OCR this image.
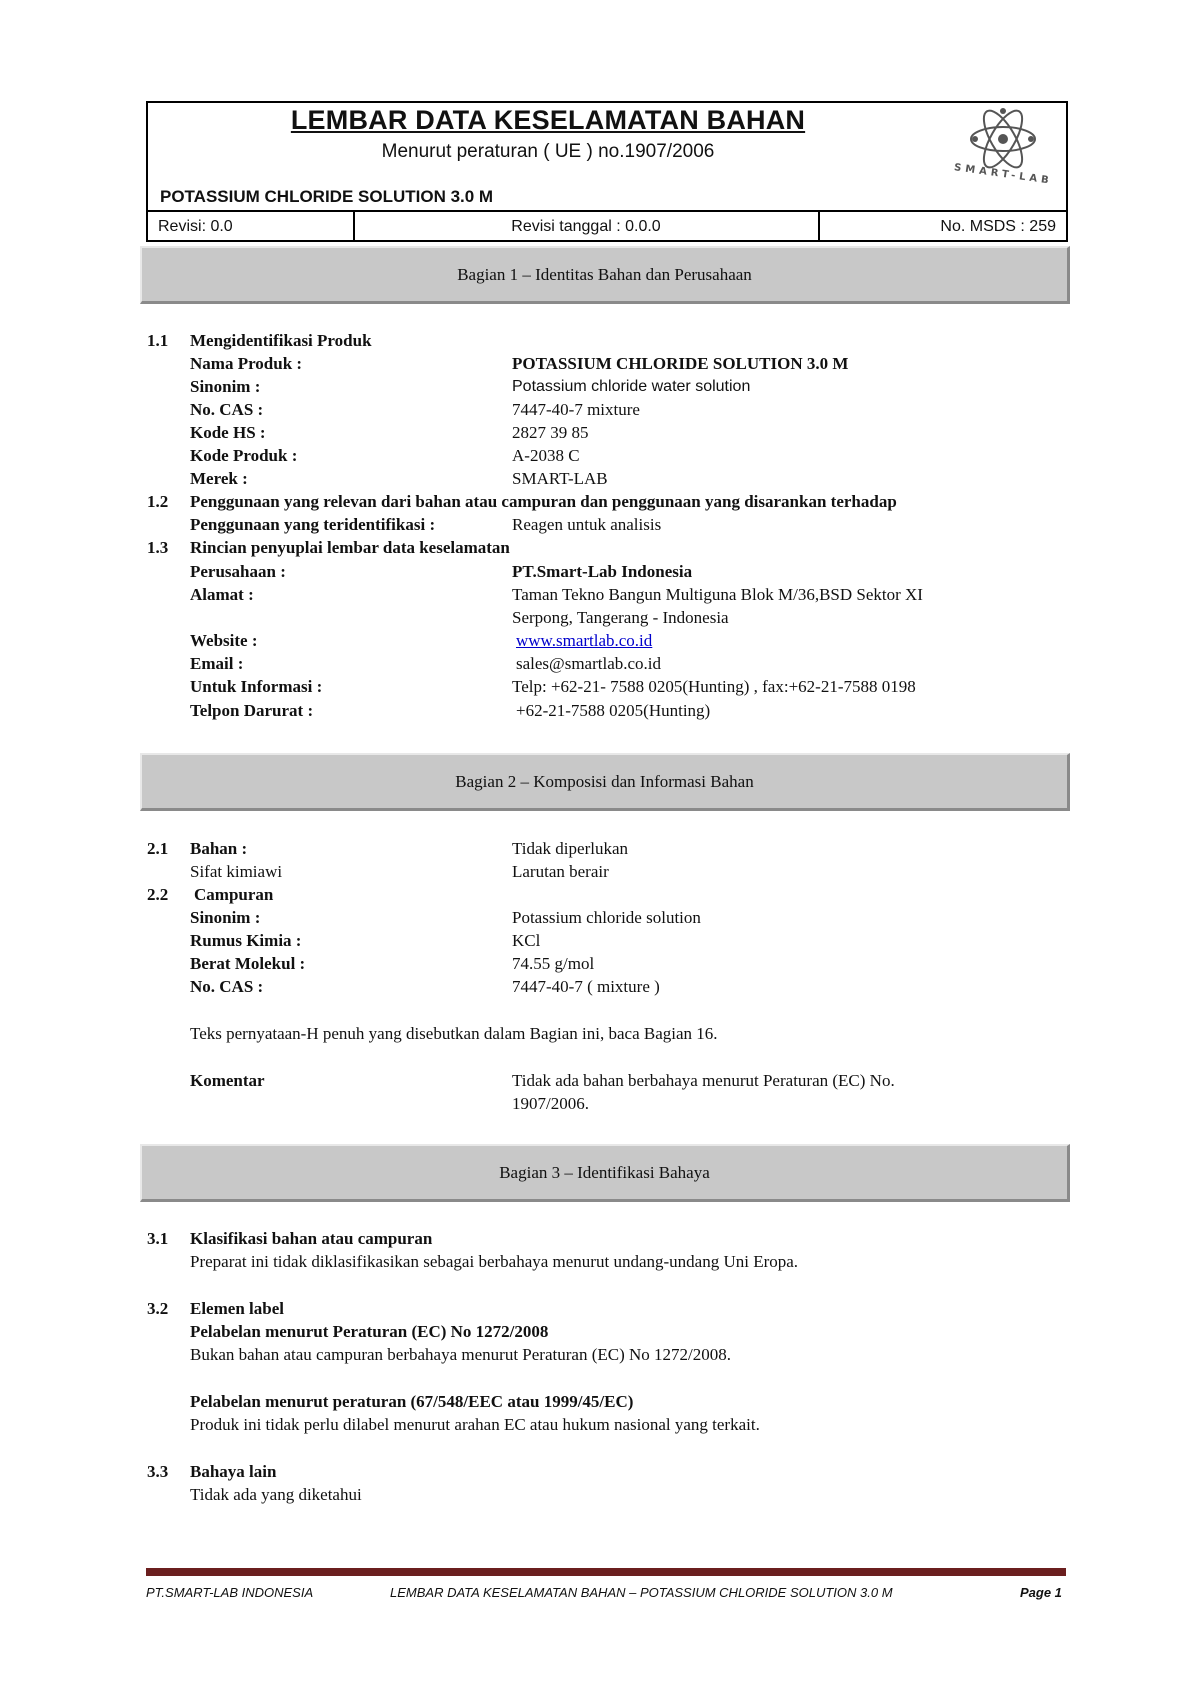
LEMBAR DATA KESELAMATAN BAHAN
Menurut peraturan ( UE ) no.1907/2006
POTASSIUM CHLORIDE SOLUTION 3.0 M
SMART-LAB
Revisi: 0.0	Revisi tanggal : 0.0.0	No. MSDS : 259
Bagian 1 – Identitas Bahan dan Perusahaan
1.1 Mengidentifikasi Produk
Nama Produk :	POTASSIUM CHLORIDE SOLUTION 3.0 M
Sinonim :	Potassium chloride water solution
No. CAS :	7447-40-7 mixture
Kode HS :	2827 39 85
Kode Produk :	A-2038 C
Merek :	SMART-LAB
1.2 Penggunaan yang relevan dari bahan atau campuran dan penggunaan yang disarankan terhadap
Penggunaan yang teridentifikasi :	Reagen untuk analisis
1.3 Rincian penyuplai lembar data keselamatan
Perusahaan :	PT.Smart-Lab Indonesia
Alamat :	Taman Tekno Bangun Multiguna Blok M/36,BSD Sektor XI
Serpong, Tangerang - Indonesia
Website :	www.smartlab.co.id
Email :	sales@smartlab.co.id
Untuk Informasi :	Telp: +62-21- 7588 0205(Hunting) , fax:+62-21-7588 0198
Telpon Darurat :	+62-21-7588 0205(Hunting)
Bagian 2 – Komposisi dan Informasi Bahan
2.1 Bahan :	Tidak diperlukan
Sifat kimiawi	Larutan berair
2.2 Campuran
Sinonim :	Potassium chloride solution
Rumus Kimia :	KCl
Berat Molekul :	74.55 g/mol
No. CAS :	7447-40-7 ( mixture )
Teks pernyataan-H penuh yang disebutkan dalam Bagian ini, baca Bagian 16.
Komentar	Tidak ada bahan berbahaya menurut Peraturan (EC) No.
1907/2006.
Bagian 3 – Identifikasi Bahaya
3.1 Klasifikasi bahan atau campuran
Preparat ini tidak diklasifikasikan sebagai berbahaya menurut undang-undang Uni Eropa.
3.2 Elemen label
Pelabelan menurut Peraturan (EC) No 1272/2008
Bukan bahan atau campuran berbahaya menurut Peraturan (EC) No 1272/2008.
Pelabelan menurut peraturan (67/548/EEC atau 1999/45/EC)
Produk ini tidak perlu dilabel menurut arahan EC atau hukum nasional yang terkait.
3.3 Bahaya lain
Tidak ada yang diketahui
PT.SMART-LAB INDONESIA	LEMBAR DATA KESELAMATAN BAHAN – POTASSIUM CHLORIDE SOLUTION 3.0 M	Page 1
